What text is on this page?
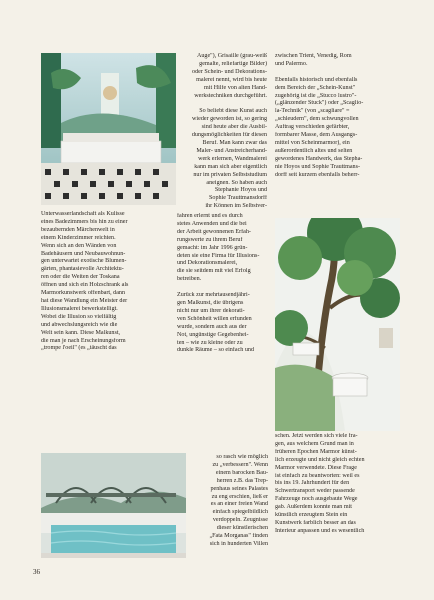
Unterwasserlandschaft als Kulisse
eines Badezimmers bis hin zu einer
bezaubernden Märchenwelt in
einem Kinderzimmer reichten.
Wenn sich an den Wänden von
Badehäusern und Neubauwohnun-
gen unterwartet exotische Blumen-
gärten, phantasievolle Architektu-
ren oder die Weiten der Toskana
öffnen und sich ein Holzschrank als
Marmorkunstwerk offenbart, dann
hat diese Wandlung ein Meister der
Illusionsmalerei bewerkstelligt.
Wobei die Illusion so vielfältig
und abwechslungsreich wie die
Welt sein kann. Diese Malkunst,
die man je nach Erscheinungsform
„trompe l'oeil" (es „täuscht das

Auge"), Grisaille (grau-weiß
gemalte, reliefartige Bilder)
oder Schein- und Dekorations-
malerei nennt, wird bis heute
mit Hilfe von alten Hand-
werkstechniken durchgeführt.

So beliebt diese Kunst auch
wieder geworden ist, so gering
sind heute aber die Ausbil-
dungsmöglichkeiten für diesen
Beruf. Man kann zwar das
Maler- und Anstreicherhand-
werk erlernen, Wandmalerei
kann man sich aber eigentlich
nur im privaten Selbststudium
aneignen. So haben auch
Stephanie Hoyos und
Sophie Trauttmansdorff
ihr Können im Selbstver-

fahren erlernt und es durch
stetes Anwenden und die bei
der Arbeit gewonnenen Erfah-
rungswerte zu ihrem Beruf
gemacht: im Jahr 1996 grün-
deten sie eine Firma für Illusions-
und Dekorationsmalerei,
die sie seitdem mit viel Erfolg
betreiben.

Zurück zur mehrtausendjähri-
gen Malkunst, die übrigens
nicht nur um ihrer dekorati-
ven Schönheit willen erfunden
wurde, sondern auch aus der
Not, ungünstige Gegebenhei-
ten – wie zu kleine oder zu
dunkle Räume – so einfach und

so rasch wie möglich
zu „verbessern". Wenn
einem barocken Bau-
herren z.B. das Trep-
penhaus seines Palastes
zu eng erschien, ließ er
es an einer freien Wand
einfach spiegelbildlich
verdoppeln. Zeugnisse
dieser künstlerischen
„Fata Morganas" finden
sich in hunderten Villen

zwischen Trient, Venedig, Rom
und Palermo.

Ebenfalls historisch und ebenfalls
dem Bereich der „Schein-Kunst"
zugehörig ist die „Stucco lustro"-
(„glänzender Stuck") oder „Scaglio-
la-Technik" (von „scagliare" =
„schleudern", dem schwungvollen
Auftrag verschieden gefärbter,
formbarer Masse, dem Ausgangs-
mittel von Scheinmarmor), ein
außerordentlich altes und selten
gewordenes Handwerk, das Stepha-
nie Hoyos und Sophie Trauttmans-
dorff seit kurzem ebenfalls beherr-

schen. Jetzt werden sich viele fra-
gen, aus welchem Grund man in
früheren Epochen Marmor künst-
lich erzeugte und nicht gleich echten
Marmor verwendete. Diese Frage
ist einfach zu beantworten: weil es
bis ins 19. Jahrhundert für den
Schwertransport weder passende
Fahrzeuge noch ausgebaute Wege
gab. Außerdem konnte man mit
künstlich erzeugtem Stein ein
Kunstwerk farblich besser an das
Interieur anpassen und es wesentlich

36
